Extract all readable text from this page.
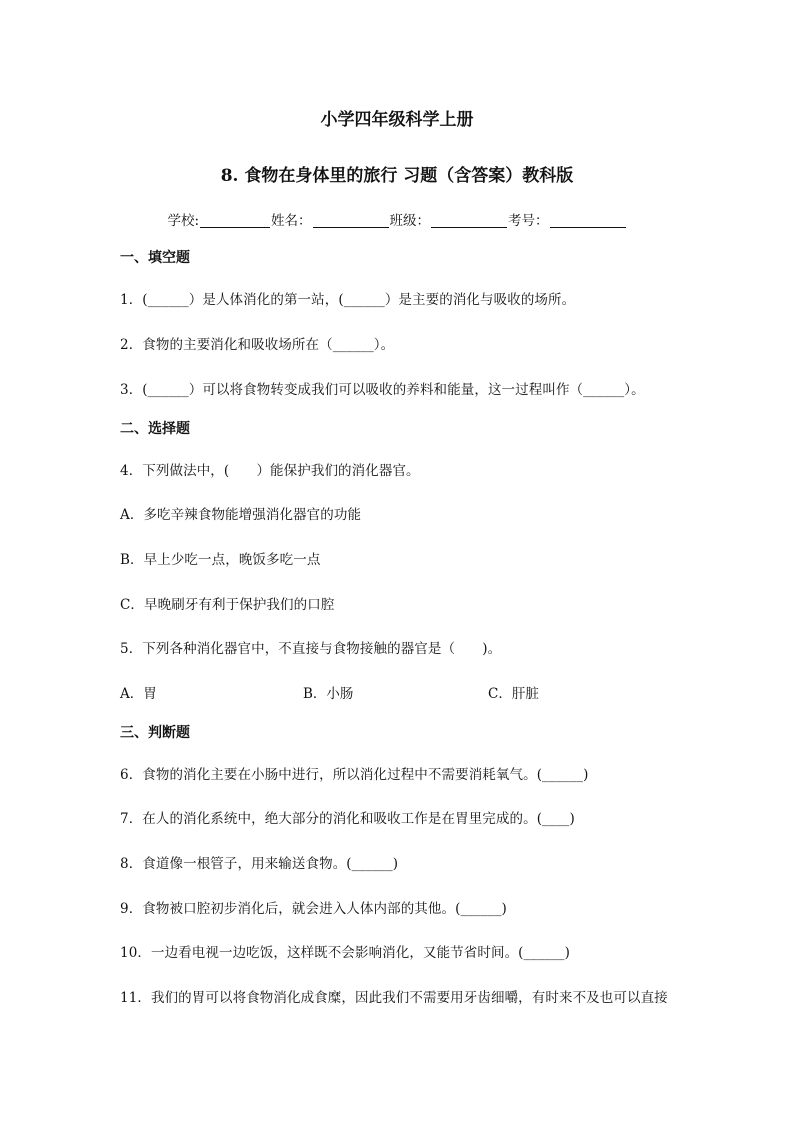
小学四年级科学上册
8. 食物在身体里的旅行 习题（含答案）教科版
学校:	姓名：	班级：	考号：
一、填空题
1．(______）是人体消化的第一站，(______）是主要的消化与吸收的场所。
2．食物的主要消化和吸收场所在（______）。
3．(______）可以将食物转变成我们可以吸收的养料和能量，这一过程叫作（______）。
二、选择题
4．下列做法中，(　　）能保护我们的消化器官。
A．多吃辛辣食物能增强消化器官的功能
B．早上少吃一点，晚饭多吃一点
C．早晚刷牙有利于保护我们的口腔
5．下列各种消化器官中，不直接与食物接触的器官是（　　)。
A．胃	B．小肠	C．肝脏
三、判断题
6．食物的消化主要在小肠中进行，所以消化过程中不需要消耗氧气。(______)
7．在人的消化系统中，绝大部分的消化和吸收工作是在胃里完成的。(____)
8．食道像一根管子，用来输送食物。(______)
9．食物被口腔初步消化后，就会进入人体内部的其他。(______)
10．一边看电视一边吃饭，这样既不会影响消化，又能节省时间。(______)
11．我们的胃可以将食物消化成食糜，因此我们不需要用牙齿细嚼，有时来不及也可以直接
